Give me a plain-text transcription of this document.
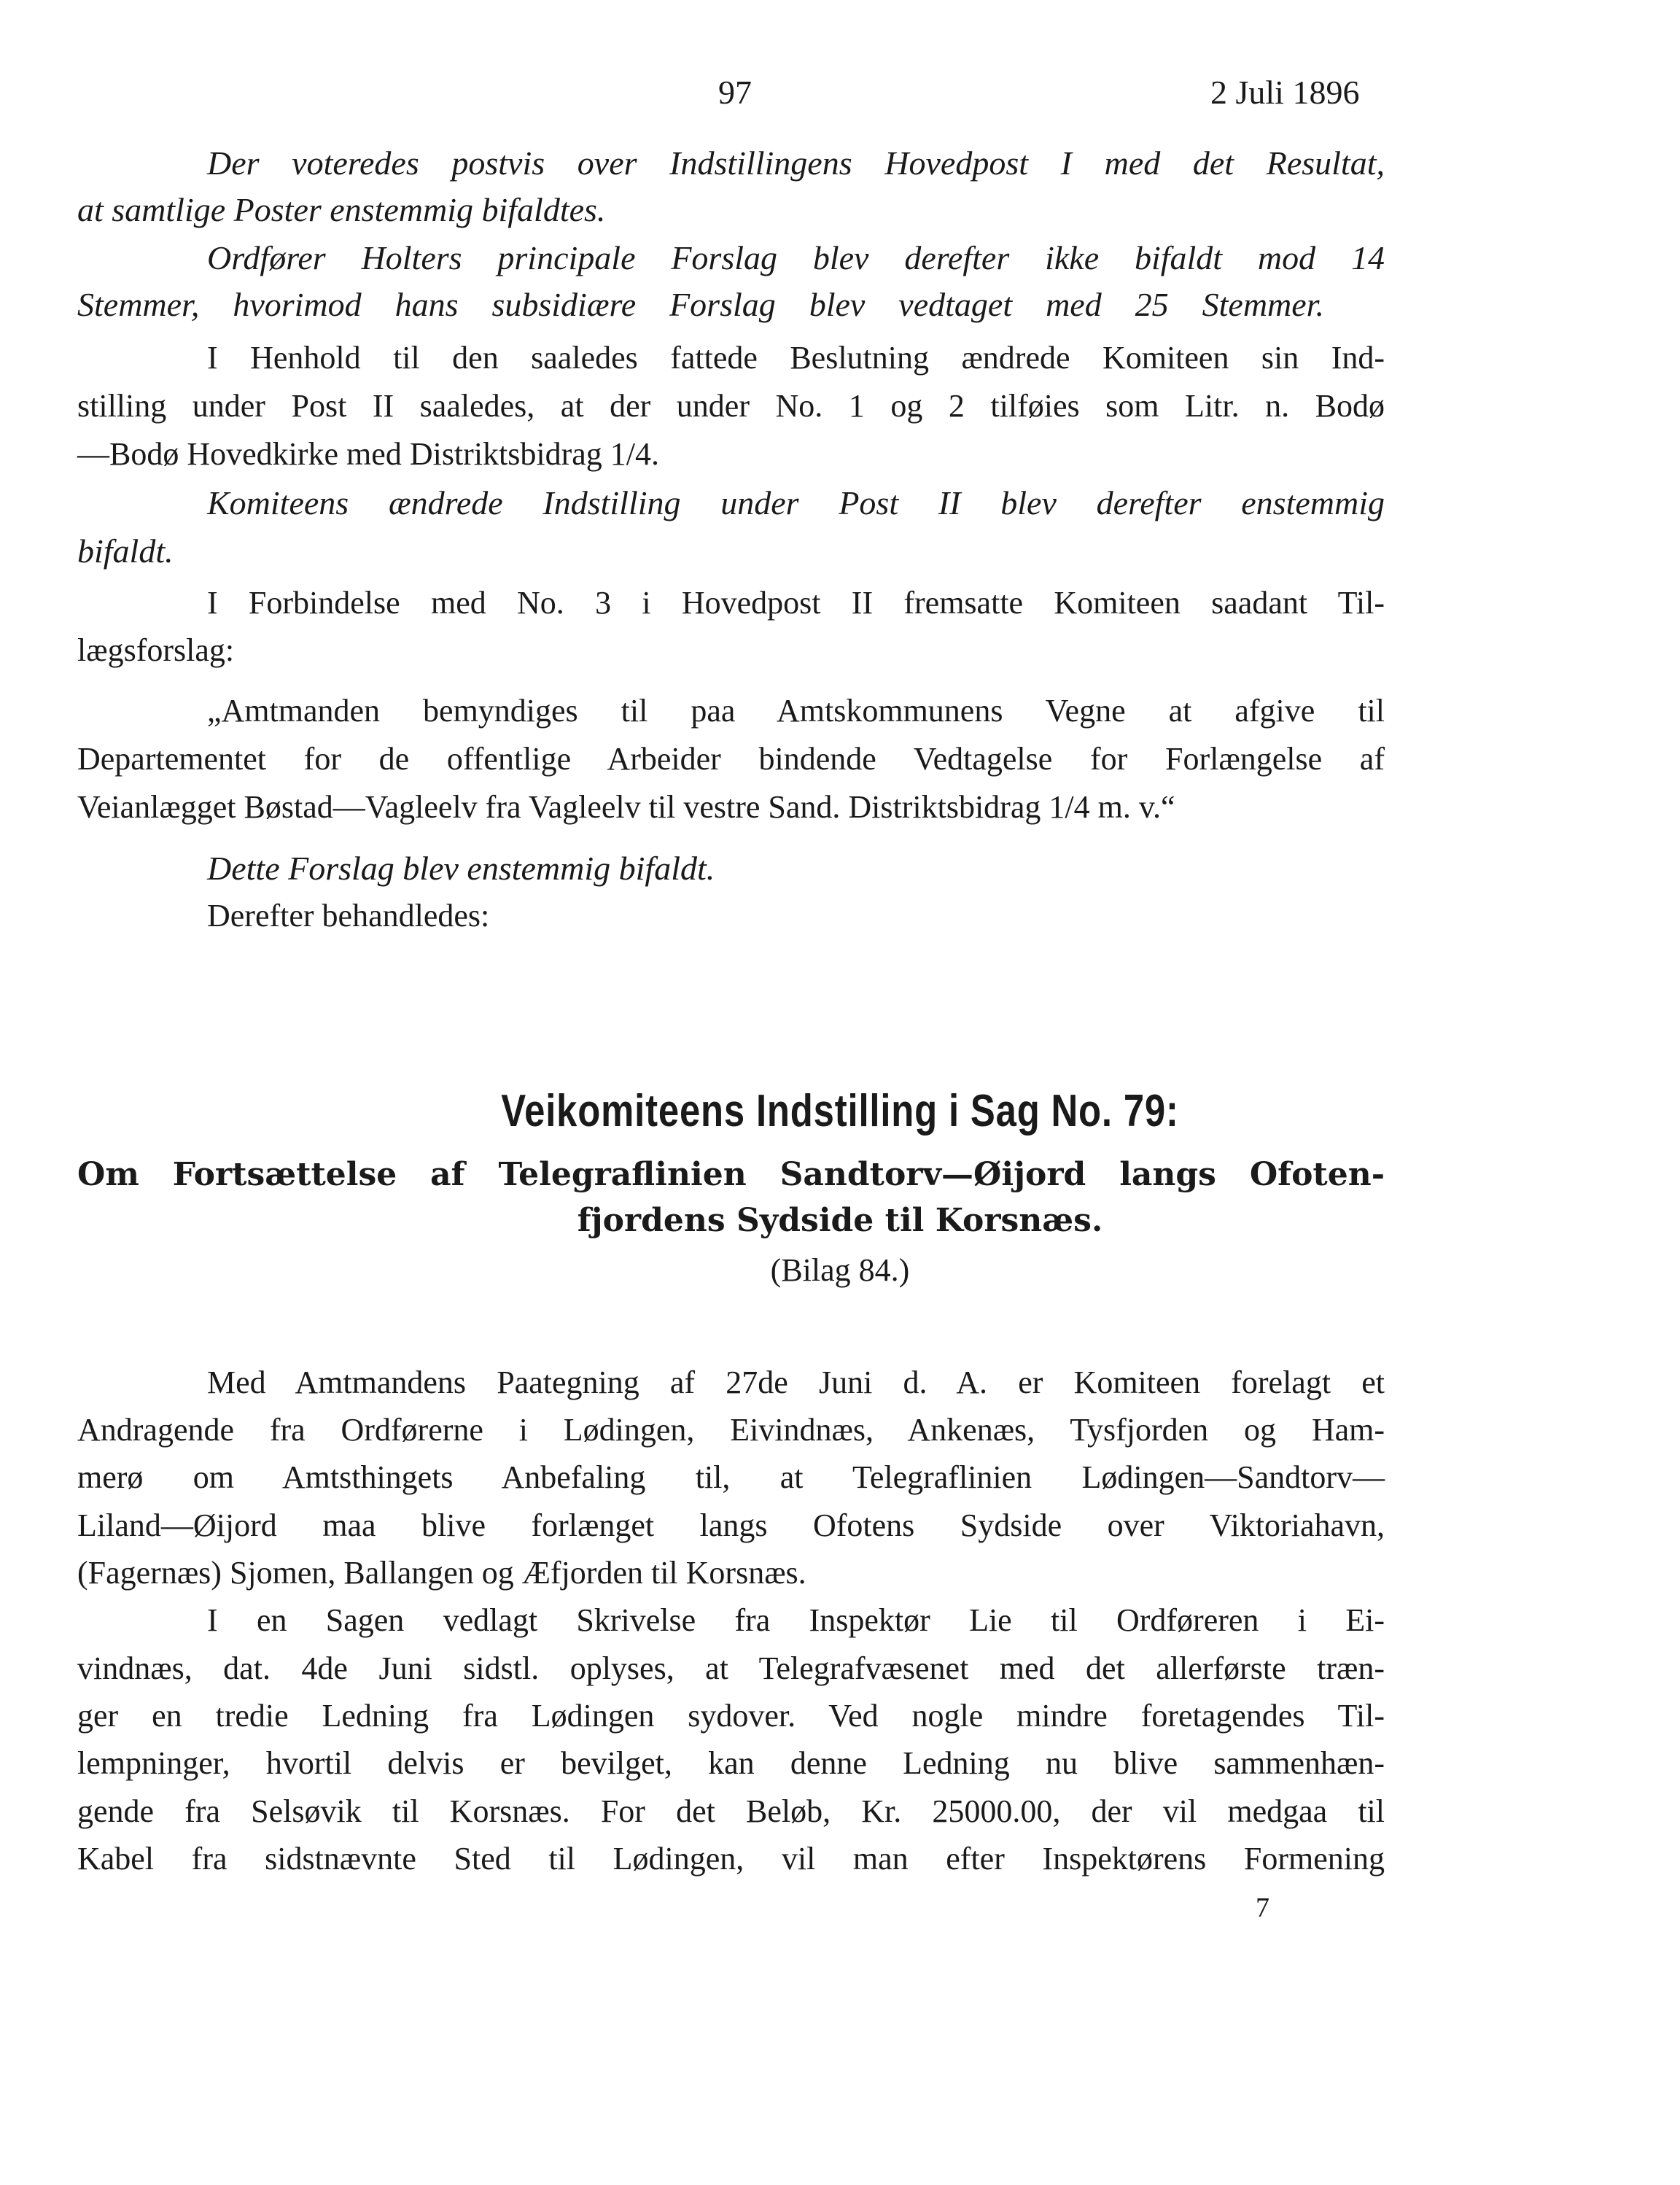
97	2 Juli 1896

Der voteredes postvis over Indstillingens Hovedpost I med det Resultat,

at samtlige Poster enstemmig bifaldtes.

Ordfører Holters principale Forslag blev derefter ikke bifaldt mod 14

Stemmer, hvorimod hans subsidiære Forslag blev vedtaget med 25 Stemmer.

I Henhold til den saaledes fattede Beslutning ændrede Komiteen sin Ind-

stilling under Post II saaledes, at der under No. 1 og 2 tilføies som Litr. n. Bodø

—Bodø Hovedkirke med Distriktsbidrag 1/4.

Komiteens ændrede Indstilling under Post II blev derefter enstemmig

bifaldt.

I Forbindelse med No. 3 i Hovedpost II fremsatte Komiteen saadant Til-

lægsforslag:

„Amtmanden bemyndiges til paa Amtskommunens Vegne at afgive til

Departementet for de offentlige Arbeider bindende Vedtagelse for Forlængelse af

Veianlægget Bøstad—Vagleelv fra Vagleelv til vestre Sand. Distriktsbidrag 1/4 m. v.“

Dette Forslag blev enstemmig bifaldt.

Derefter behandledes:

Veikomiteens Indstilling i Sag No. 79:

Om Fortsættelse af Telegraflinien Sandtorv—Øijord langs Ofoten-

fjordens Sydside til Korsnæs.

(Bilag 84.)

Med Amtmandens Paategning af 27de Juni d. A. er Komiteen forelagt et

Andragende fra Ordførerne i Lødingen, Eivindnæs, Ankenæs, Tysfjorden og Ham-

merø om Amtsthingets Anbefaling til, at Telegraflinien Lødingen—Sandtorv—

Liland—Øijord maa blive forlænget langs Ofotens Sydside over Viktoriahavn,

(Fagernæs) Sjomen, Ballangen og Æfjorden til Korsnæs.

I en Sagen vedlagt Skrivelse fra Inspektør Lie til Ordføreren i Ei-

vindnæs, dat. 4de Juni sidstl. oplyses, at Telegrafvæsenet med det allerførste træn-

ger en tredie Ledning fra Lødingen sydover. Ved nogle mindre foretagendes Til-

lempninger, hvortil delvis er bevilget, kan denne Ledning nu blive sammenhæn-

gende fra Selsøvik til Korsnæs. For det Beløb, Kr. 25000.00, der vil medgaa til

Kabel fra sidstnævnte Sted til Lødingen, vil man efter Inspektørens Formening

7
